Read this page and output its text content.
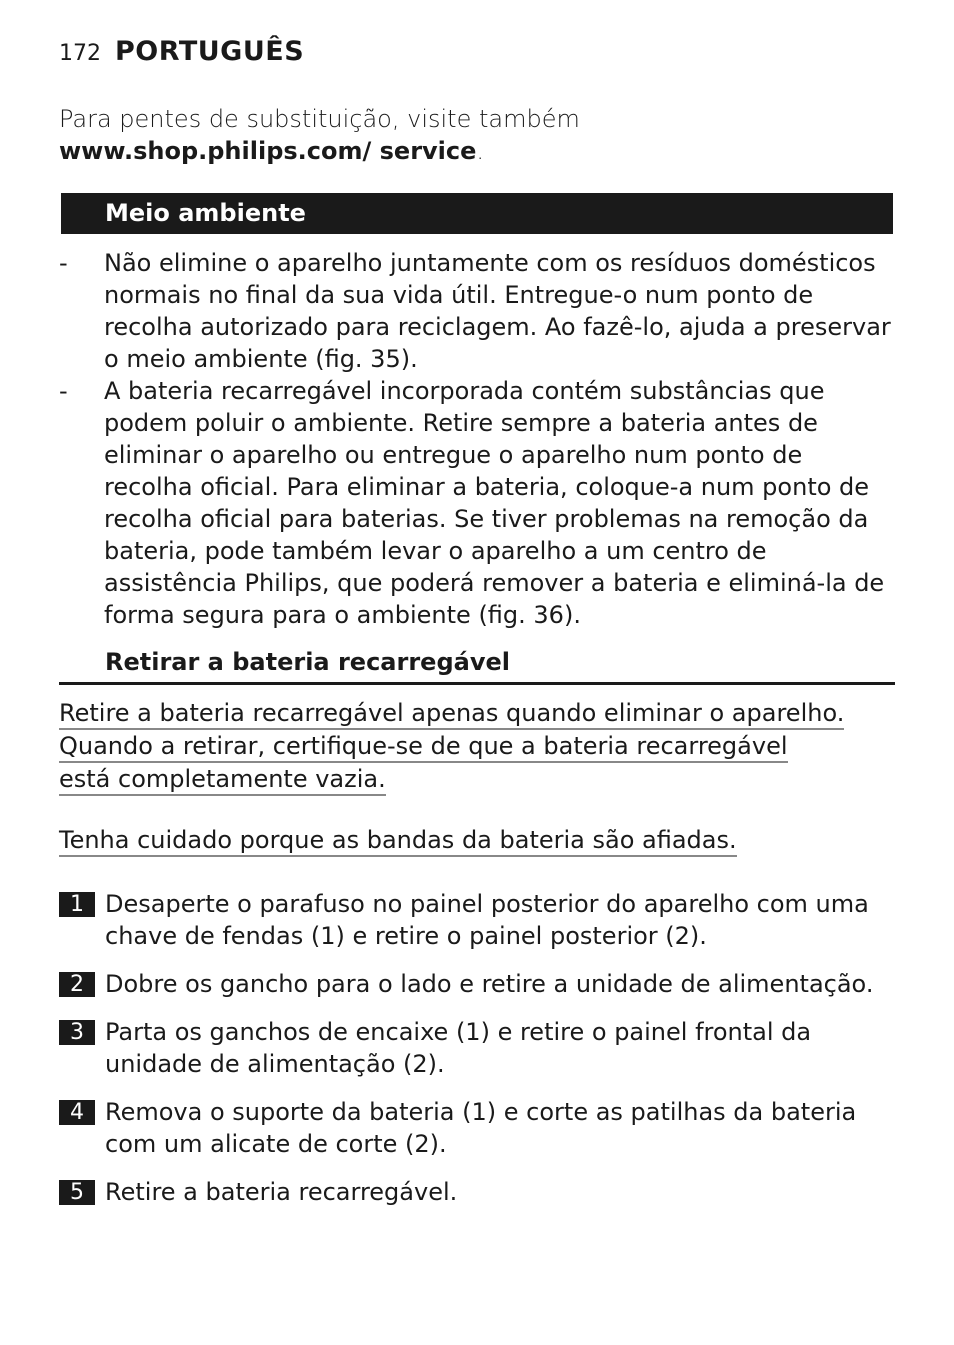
172 PORTUGUÊS

Para pentes de substituição, visite também www.shop.philips.com/ service.

Meio ambiente
- Não elimine o aparelho juntamente com os resíduos domésticos normais no final da sua vida útil. Entregue-o num ponto de recolha autorizado para reciclagem. Ao fazê-lo, ajuda a preservar o meio ambiente (fig. 35).
- A bateria recarregável incorporada contém substâncias que podem poluir o ambiente. Retire sempre a bateria antes de eliminar o aparelho ou entregue o aparelho num ponto de recolha oficial. Para eliminar a bateria, coloque-a num ponto de recolha oficial para baterias. Se tiver problemas na remoção da bateria, pode também levar o aparelho a um centro de assistência Philips, que poderá remover a bateria e eliminá-la de forma segura para o ambiente (fig. 36).
Retirar a bateria recarregável
Retire a bateria recarregável apenas quando eliminar o aparelho.
Quando a retirar, certifique-se de que a bateria recarregável
está completamente vazia.
Tenha cuidado porque as bandas da bateria são afiadas.
1 Desaperte o parafuso no painel posterior do aparelho com uma chave de fendas (1) e retire o painel posterior (2).
2 Dobre os gancho para o lado e retire a unidade de alimentação.
3 Parta os ganchos de encaixe (1) e retire o painel frontal da unidade de alimentação (2).
4 Remova o suporte da bateria (1) e corte as patilhas da bateria com um alicate de corte (2).
5 Retire a bateria recarregável.
